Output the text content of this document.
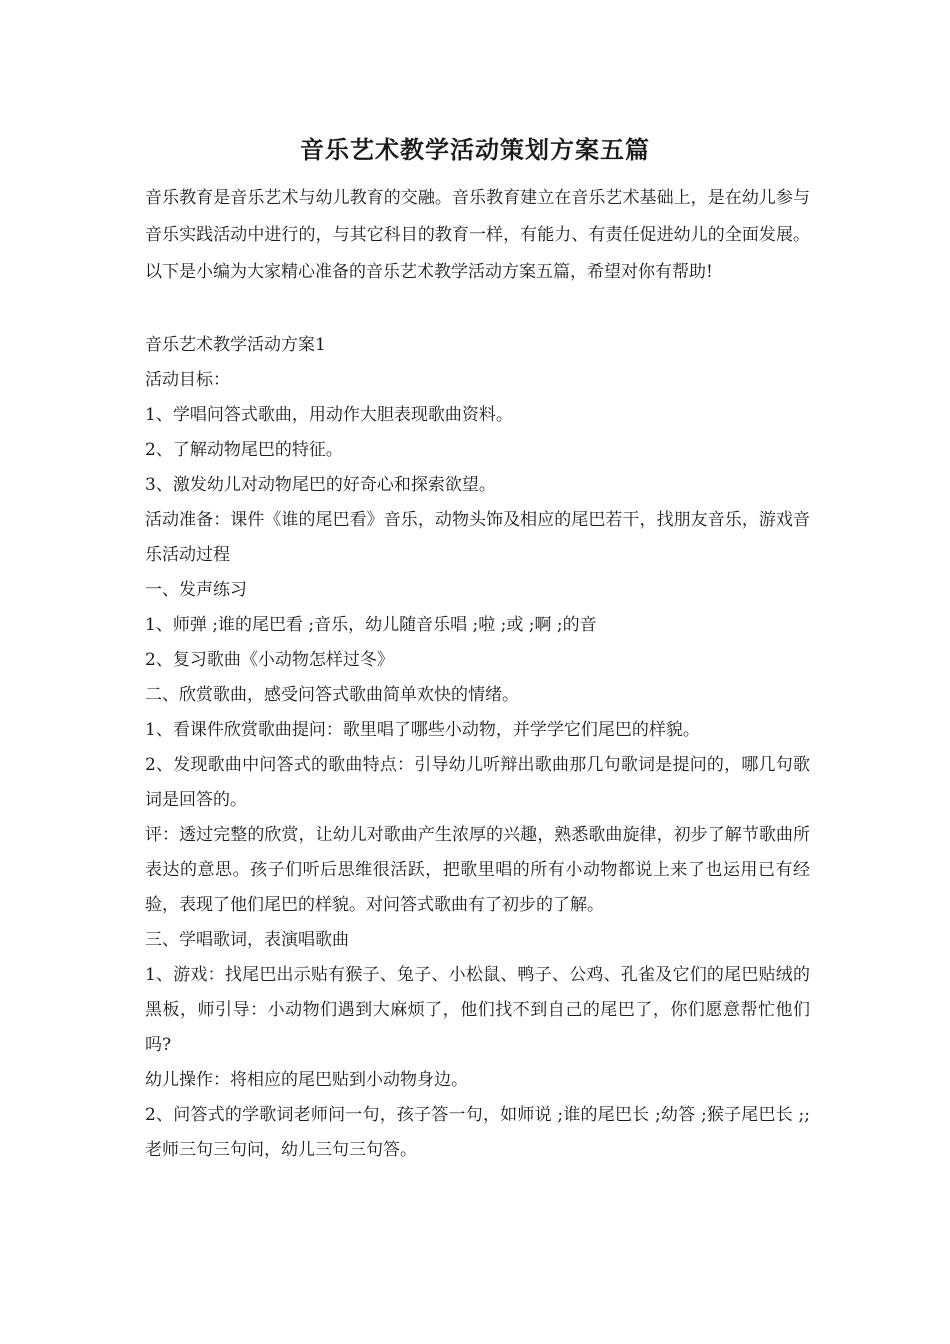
音乐艺术教学活动策划方案五篇

音乐教育是音乐艺术与幼儿教育的交融。音乐教育建立在音乐艺术基础上，是在幼儿参与音乐实践活动中进行的，与其它科目的教育一样，有能力、有责任促进幼儿的全面发展。以下是小编为大家精心准备的音乐艺术教学活动方案五篇，希望对你有帮助!

音乐艺术教学活动方案1

活动目标：

1、学唱问答式歌曲，用动作大胆表现歌曲资料。

2、了解动物尾巴的特征。

3、激发幼儿对动物尾巴的好奇心和探索欲望。

活动准备：课件《谁的尾巴看》音乐，动物头饰及相应的尾巴若干，找朋友音乐，游戏音乐活动过程

一、发声练习

1、师弹 ;谁的尾巴看 ;音乐，幼儿随音乐唱 ;啦 ;或 ;啊 ;的音

2、复习歌曲《小动物怎样过冬》

二、欣赏歌曲，感受问答式歌曲简单欢快的情绪。

1、看课件欣赏歌曲提问：歌里唱了哪些小动物，并学学它们尾巴的样貌。

2、发现歌曲中问答式的歌曲特点：引导幼儿听辩出歌曲那几句歌词是提问的，哪几句歌词是回答的。

评：透过完整的欣赏，让幼儿对歌曲产生浓厚的兴趣，熟悉歌曲旋律，初步了解节歌曲所表达的意思。孩子们听后思维很活跃，把歌里唱的所有小动物都说上来了也运用已有经验，表现了他们尾巴的样貌。对问答式歌曲有了初步的了解。

三、学唱歌词，表演唱歌曲

1、游戏：找尾巴出示贴有猴子、兔子、小松鼠、鸭子、公鸡、孔雀及它们的尾巴贴绒的黑板，师引导：小动物们遇到大麻烦了，他们找不到自己的尾巴了，你们愿意帮忙他们吗?

幼儿操作：将相应的尾巴贴到小动物身边。

2、问答式的学歌词老师问一句，孩子答一句，如师说 ;谁的尾巴长 ;幼答 ;猴子尾巴长 ;;老师三句三句问，幼儿三句三句答。
